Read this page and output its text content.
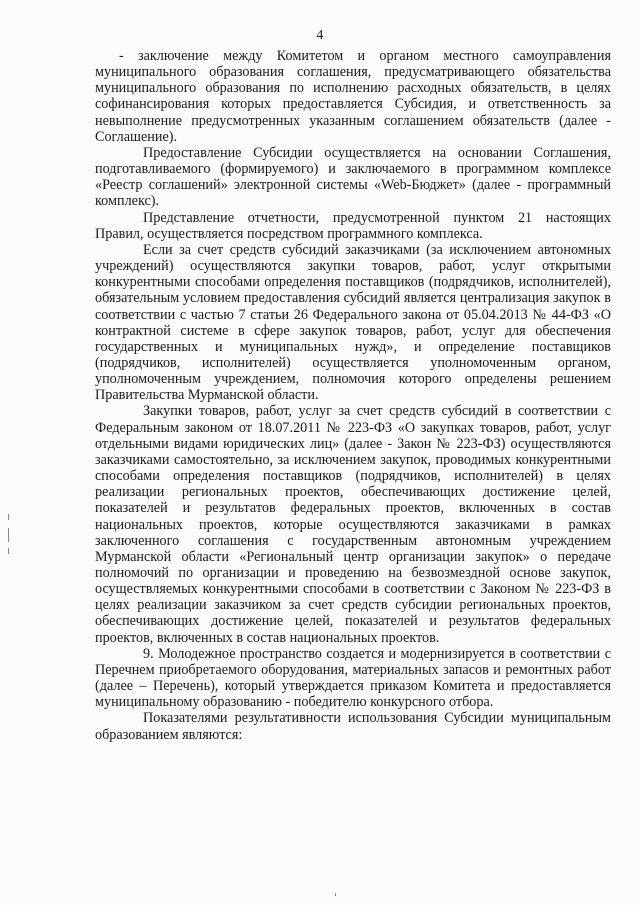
4

- заключение между Комитетом и органом местного самоуправления муниципального образования соглашения, предусматривающего обязательства муниципального образования по исполнению расходных обязательств, в целях софинансирования которых предоставляется Субсидия, и ответственность за невыполнение предусмотренных указанным соглашением обязательств (далее - Соглашение).

Предоставление Субсидии осуществляется на основании Соглашения, подготавливаемого (формируемого) и заключаемого в программном комплексе «Реестр соглашений» электронной системы «Web-Бюджет» (далее - программный комплекс).

Представление отчетности, предусмотренной пунктом 21 настоящих Правил, осуществляется посредством программного комплекса.

Если за счет средств субсидий заказчиками (за исключением автономных учреждений) осуществляются закупки товаров, работ, услуг открытыми конкурентными способами определения поставщиков (подрядчиков, исполнителей), обязательным условием предоставления субсидий является централизация закупок в соответствии с частью 7 статьи 26 Федерального закона от 05.04.2013 № 44-ФЗ «О контрактной системе в сфере закупок товаров, работ, услуг для обеспечения государственных и муниципальных нужд», и определение поставщиков (подрядчиков, исполнителей) осуществляется уполномоченным органом, уполномоченным учреждением, полномочия которого определены решением Правительства Мурманской области.

Закупки товаров, работ, услуг за счет средств субсидий в соответствии с Федеральным законом от 18.07.2011 № 223-ФЗ «О закупках товаров, работ, услуг отдельными видами юридических лиц» (далее - Закон № 223-ФЗ) осуществляются заказчиками самостоятельно, за исключением закупок, проводимых конкурентными способами определения поставщиков (подрядчиков, исполнителей) в целях реализации региональных проектов, обеспечивающих достижение целей, показателей и результатов федеральных проектов, включенных в состав национальных проектов, которые осуществляются заказчиками в рамках заключенного соглашения с государственным автономным учреждением Мурманской области «Региональный центр организации закупок» о передаче полномочий по организации и проведению на безвозмездной основе закупок, осуществляемых конкурентными способами в соответствии с Законом № 223-ФЗ в целях реализации заказчиком за счет средств субсидии региональных проектов, обеспечивающих достижение целей, показателей и результатов федеральных проектов, включенных в состав национальных проектов.

9. Молодежное пространство создается и модернизируется в соответствии с Перечнем приобретаемого оборудования, материальных запасов и ремонтных работ (далее – Перечень), который утверждается приказом Комитета и предоставляется муниципальному образованию - победителю конкурсного отбора.

Показателями результативности использования Субсидии муниципальным образованием являются:
